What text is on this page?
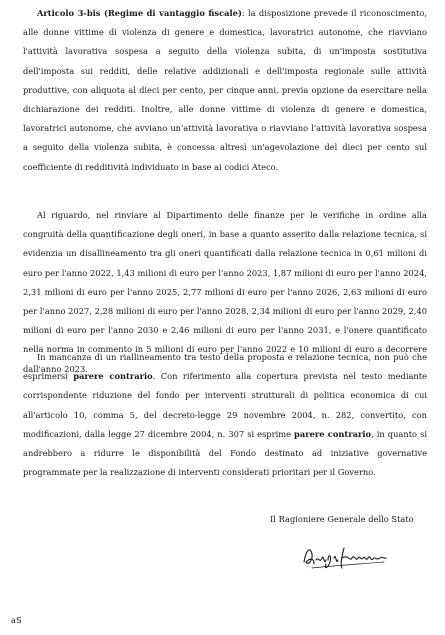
Articolo 3-bis (Regime di vantaggio fiscale): la disposizione prevede il riconoscimento, alle donne vittime di violenza di genere e domestica, lavoratrici autonome, che riavviano l'attività lavorativa sospesa a seguito della violenza subita, di un'imposta sostitutiva dell'imposta sui redditi, delle relative addizionali e dell'imposta regionale sulle attività produttive, con aliquota al dieci per cento, per cinque anni, previa opzione da esercitare nella dichiarazione dei redditi. Inoltre, alle donne vittime di violenza di genere e domestica, lavoratrici autonome, che avviano un'attività lavorativa o riavviano l'attività lavorativa sospesa a seguito della violenza subita, è concessa altresì un'agevolazione del dieci per cento sul coefficiente di redditività individuato in base ai codici Ateco.

Al riguardo, nel rinviare al Dipartimento delle finanze per le verifiche in ordine alla congruità della quantificazione degli oneri, in base a quanto asserito dalla relazione tecnica, si evidenzia un disallineamento tra gli oneri quantificati dalla relazione tecnica in 0,61 milioni di euro per l'anno 2022, 1,43 milioni di euro per l'anno 2023, 1,87 milioni di euro per l'anno 2024, 2,31 milioni di euro per l'anno 2025, 2,77 milioni di euro per l'anno 2026, 2,63 milioni di euro per l'anno 2027, 2,28 milioni di euro per l'anno 2028, 2,34 milioni di euro per l'anno 2029, 2,40 milioni di euro per l'anno 2030 e 2,46 milioni di euro per l'anno 2031, e l'onere quantificato nella norma in commento in 5 milioni di euro per l'anno 2022 e 10 milioni di euro a decorrere dall'anno 2023.

In mancanza di un riallineamento tra testo della proposta e relazione tecnica, non può che esprimersi parere contrario. Con riferimento alla copertura prevista nel testo mediante corrispondente riduzione del fondo per interventi strutturali di politica economica di cui all'articolo 10, comma 5, del decreto-legge 29 novembre 2004, n. 282, convertito, con modificazioni, dalla legge 27 dicembre 2004, n. 307 si esprime parere contrario, in quanto si andrebbero a ridurre le disponibilità del Fondo destinato ad iniziative governative programmate per la realizzazione di interventi considerati prioritari per il Governo.

Il Ragioniere Generale dello Stato
aS
